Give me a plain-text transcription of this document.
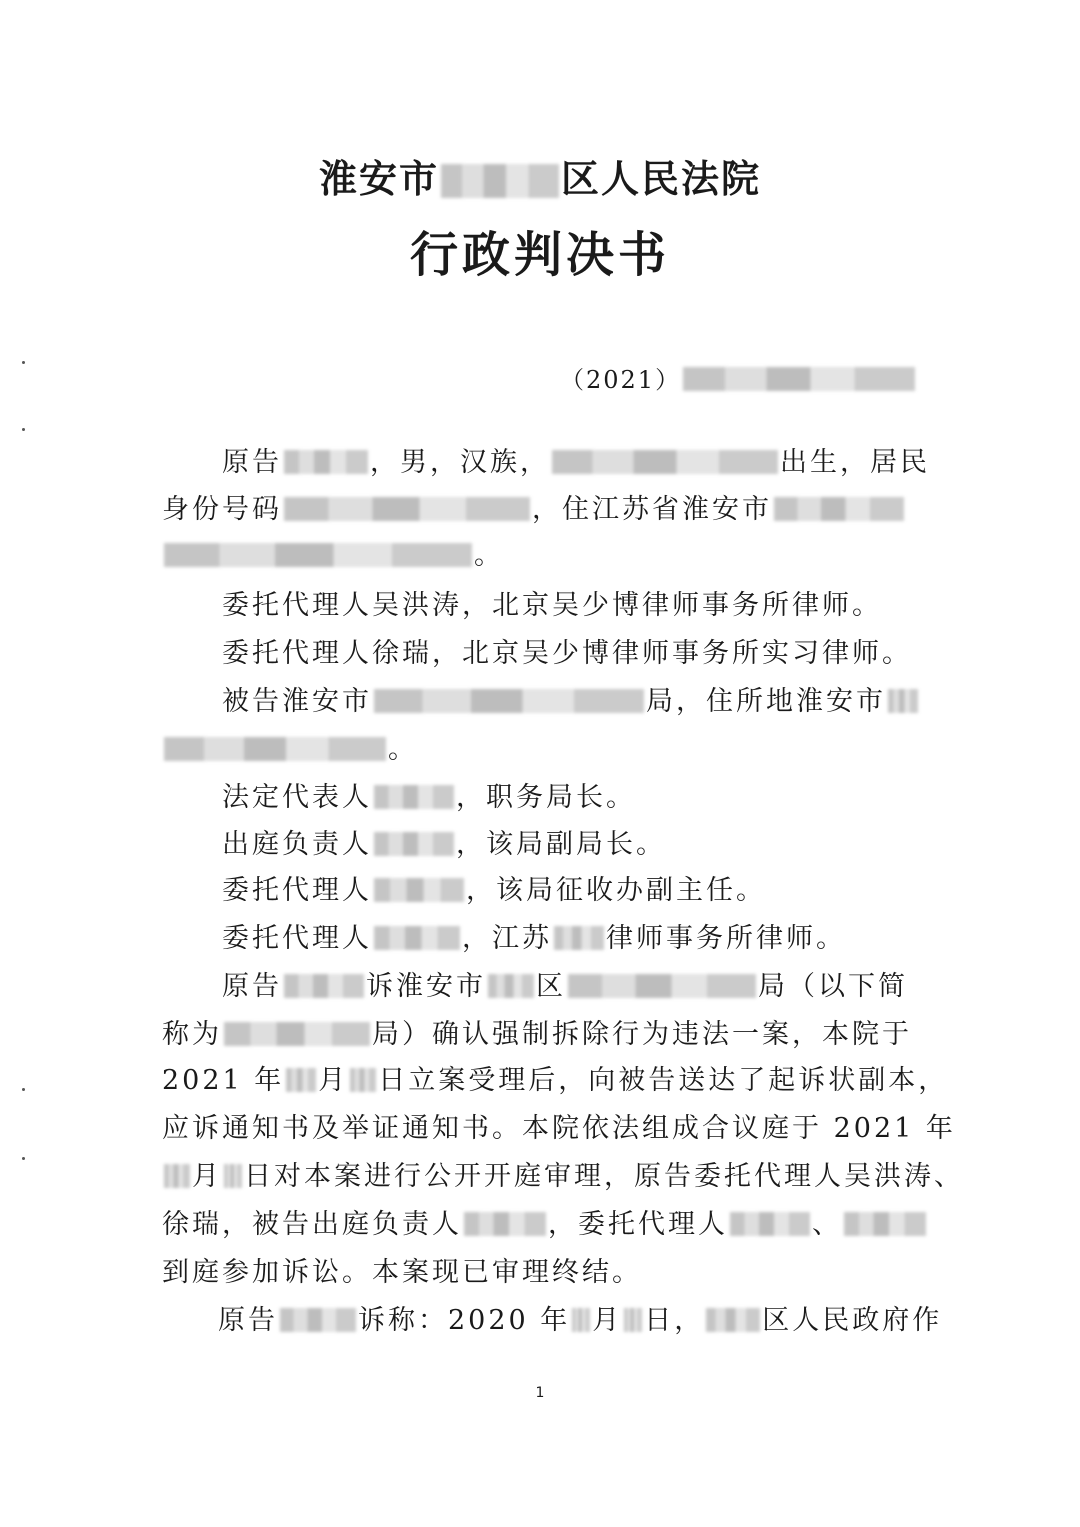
淮安市	区人民法院
行政判决书
（2021）
原告	，男，汉族，	出生，居民
身份号码	，住江苏省淮安市
。
委托代理人吴洪涛，北京吴少博律师事务所律师。
委托代理人徐瑞，北京吴少博律师事务所实习律师。
被告淮安市	局，住所地淮安市
。
法定代表人	，职务局长。
出庭负责人	，该局副局长。
委托代理人	，该局征收办副主任。
委托代理人	，江苏 律师事务所律师。
原告	诉淮安市 区	局（以下简
称为	局）确认强制拆除行为违法一案，本院于
2021 年 月 日立案受理后，向被告送达了起诉状副本，
应诉通知书及举证通知书。本院依法组成合议庭于 2021 年
月 日对本案进行公开开庭审理，原告委托代理人吴洪涛、
徐瑞，被告出庭负责人	，委托代理人	、
到庭参加诉讼。本案现已审理终结。
原告	诉称：2020 年 月 日， 区人民政府作
1
